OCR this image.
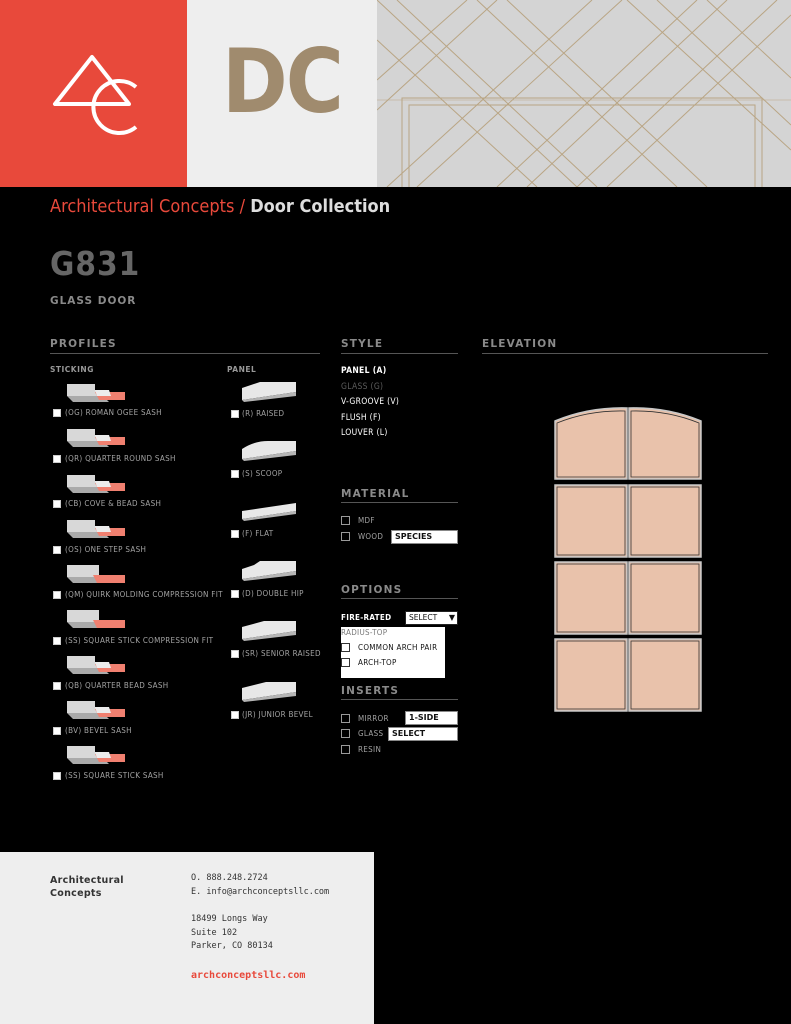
DC
Architectural Concepts / Door Collection
G831
GLASS DOOR
PROFILES	STYLE	ELEVATION
STICKING	PANEL
(OG) ROMAN OGEE SASH
(QR) QUARTER ROUND SASH
(CB) COVE & BEAD SASH
(OS) ONE STEP SASH
(QM) QUIRK MOLDING COMPRESSION FIT
(SS) SQUARE STICK COMPRESSION FIT
(QB) QUARTER BEAD SASH
(BV) BEVEL SASH
(SS) SQUARE STICK SASH
(R) RAISED
(S) SCOOP
(F) FLAT
(D) DOUBLE HIP
(SR) SENIOR RAISED
(JR) JUNIOR BEVEL
PANEL (A)
GLASS (G)
V-GROOVE (V)
FLUSH (F)
LOUVER (L)
MATERIAL
MDF
WOOD	SPECIES
OPTIONS
FIRE-RATED	SELECT ▼
RADIUS-TOP
COMMON ARCH PAIR
ARCH-TOP
INSERTS
MIRROR	1-SIDE
GLASS	SELECT
RESIN
Architectural
Concepts
O. 888.248.2724
E. info@archconceptsllc.com
18499 Longs Way
Suite 102
Parker, CO 80134
archconceptsllc.com
